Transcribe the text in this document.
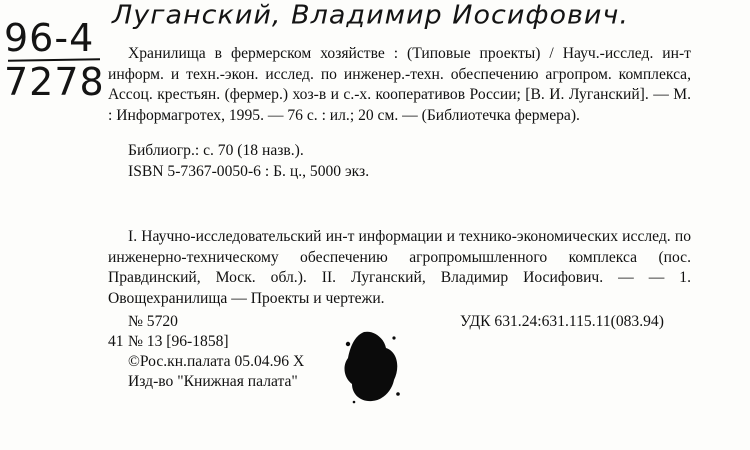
Луганский, Владимир Иосифович.
96-4
7278

Хранилища в фермерском хозяйстве : (Типовые проекты) / Науч.-исслед. ин-т информ. и техн.-экон. исслед. по инженер.-техн. обеспечению агропром. комплекса, Ассоц. крестьян. (фермер.) хоз-в и с.-х. кооперативов России; [В. И. Луганский]. — М. : Информагротех, 1995. — 76 с. : ил.; 20 см. — (Библиотечка фермера).

Библиогр.: с. 70 (18 назв.).
ISBN 5-7367-0050-6 : Б. ц., 5000 экз.

I. Научно-исследовательский ин-т информации и технико-экономических исслед. по инженерно-техническому обеспечению агропромышленного комплекса (пос. Правдинский, Моск. обл.). II. Луганский, Владимир Иосифович. — — 1. Овощехранилища — Проекты и чертежи.

№ 5720
41 № 13 [96-1858]
©Рос.кн.палата 05.04.96 Х
Изд-во "Книжная палата"
УДК 631.24:631.115.11(083.94)
